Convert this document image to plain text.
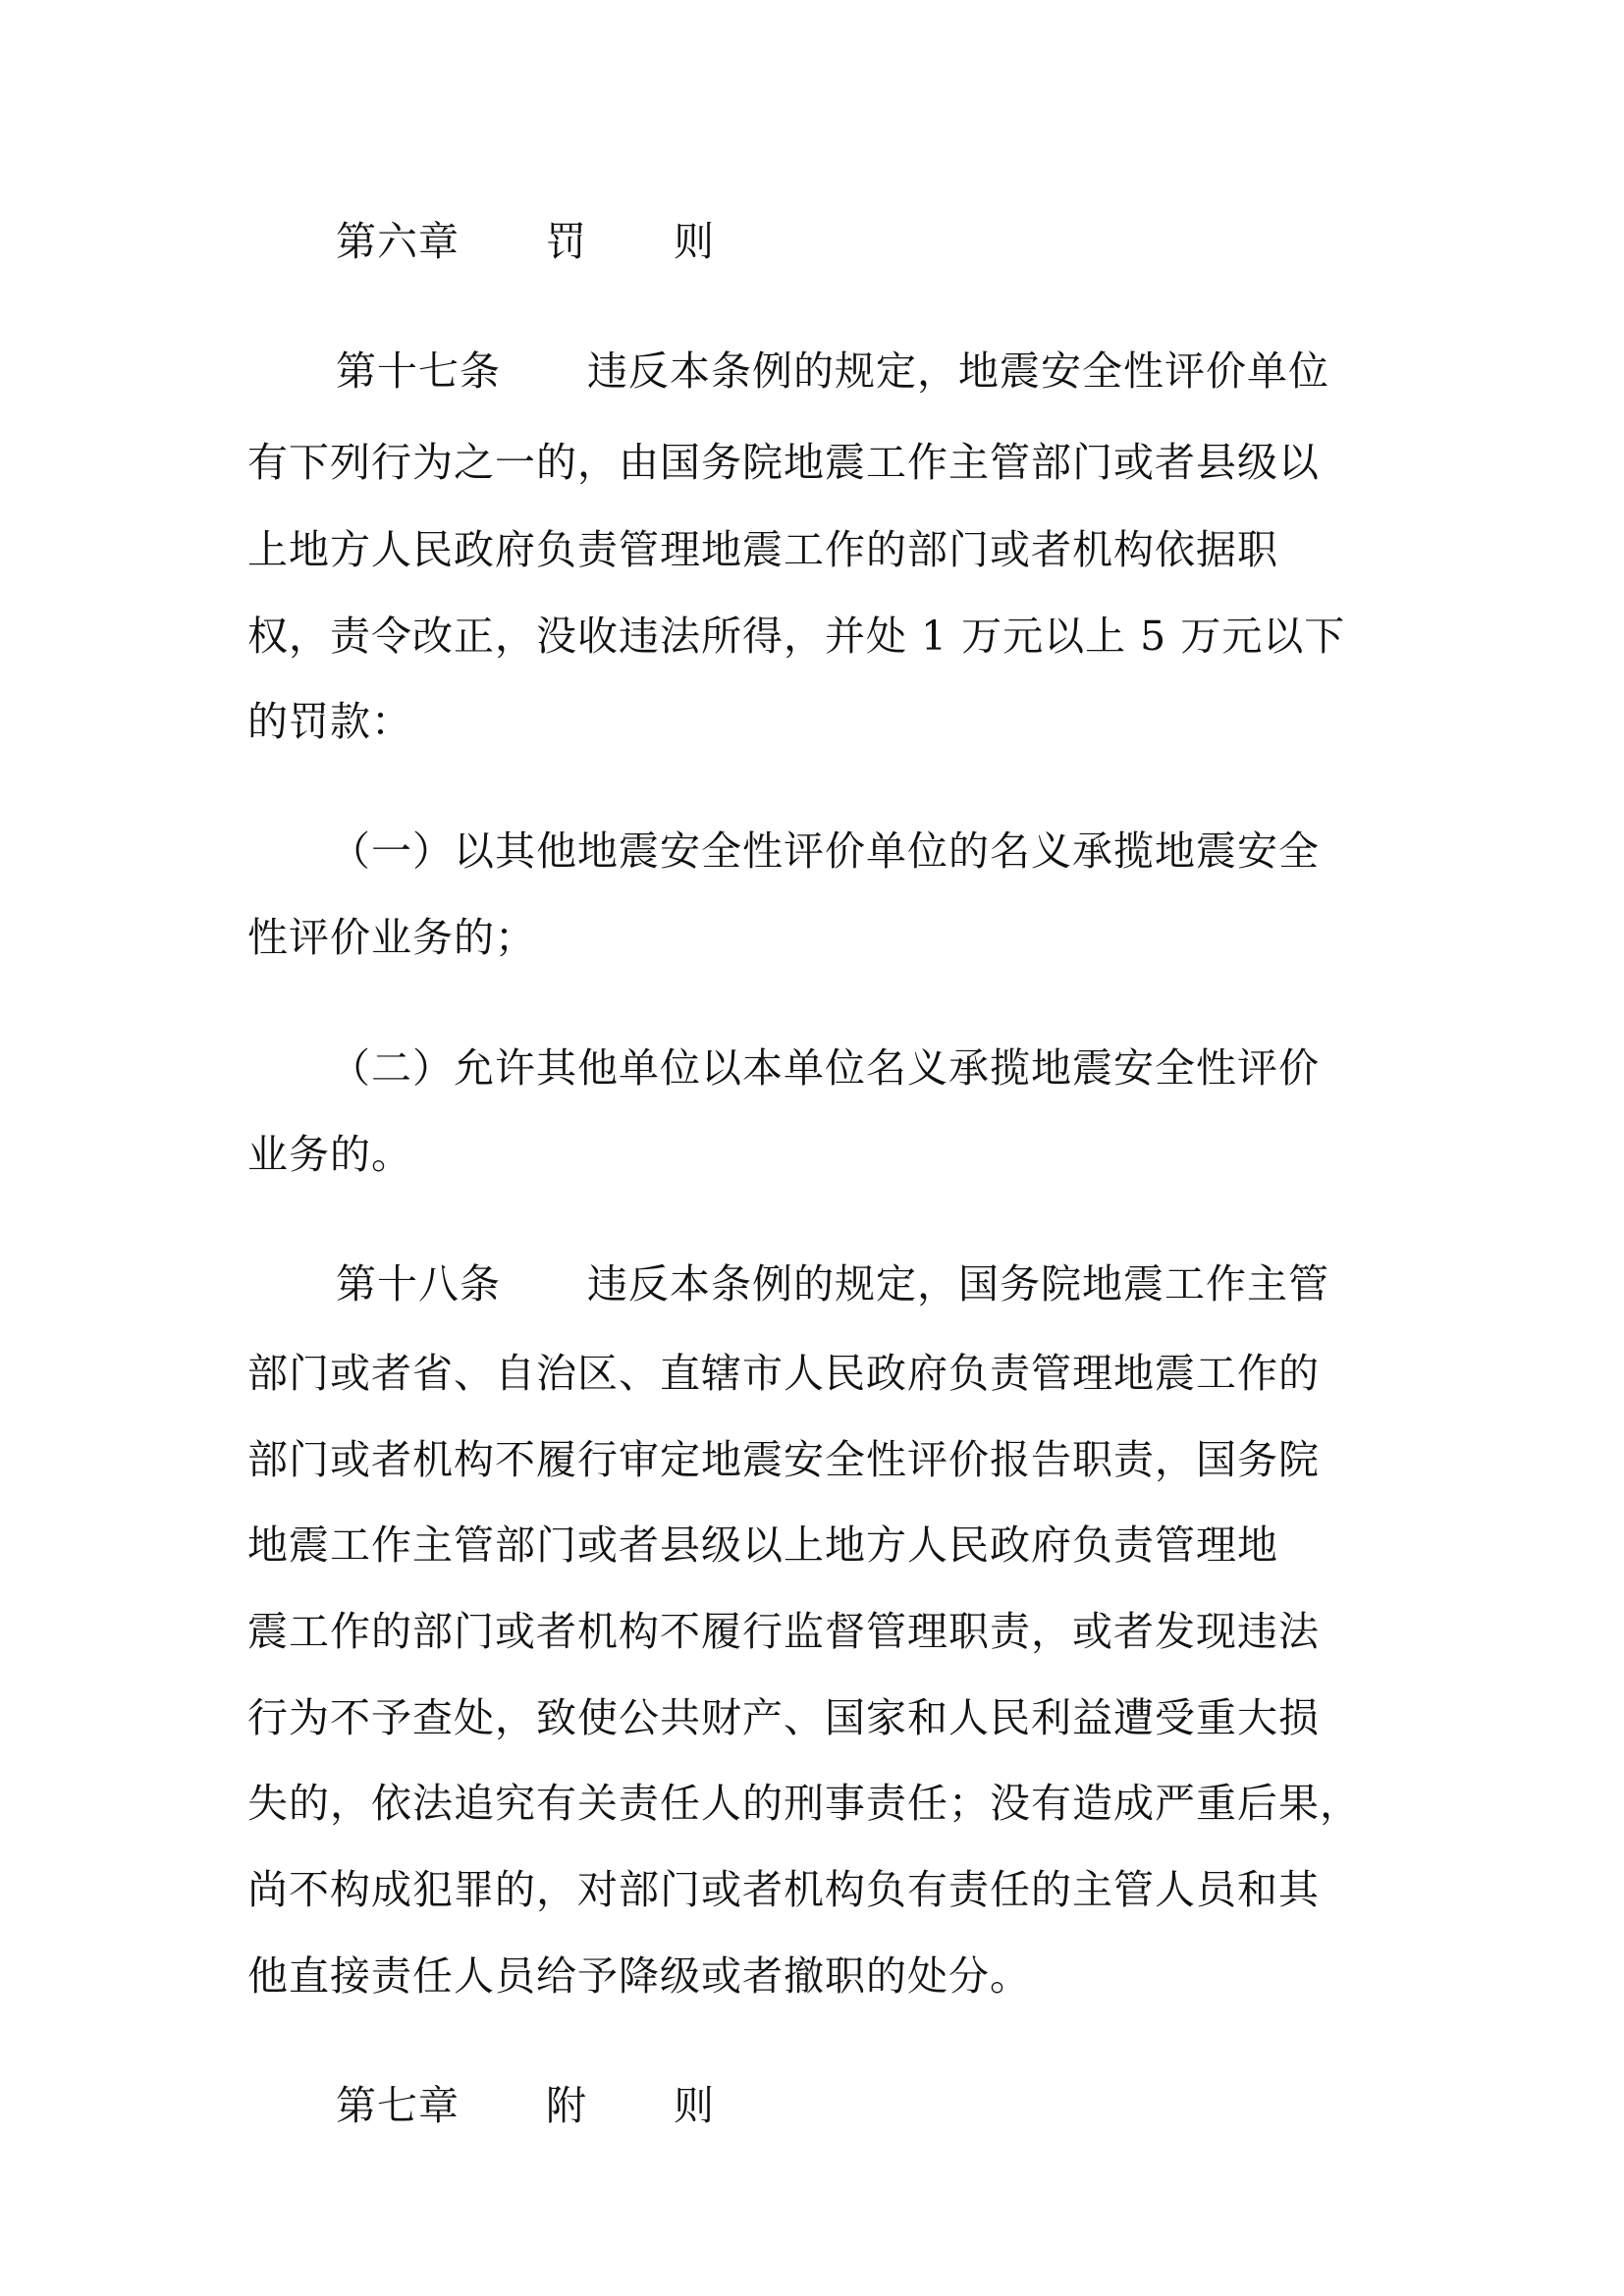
第六章 罚 则
第十七条 违反本条例的规定，地震安全性评价单位
有下列行为之一的，由国务院地震工作主管部门或者县级以
上地方人民政府负责管理地震工作的部门或者机构依据职
权，责令改正，没收违法所得，并处 1 万元以上 5 万元以下
的罚款：
（一）以其他地震安全性评价单位的名义承揽地震安全
性评价业务的；
（二）允许其他单位以本单位名义承揽地震安全性评价
业务的。
第十八条 违反本条例的规定，国务院地震工作主管
部门或者省、自治区、直辖市人民政府负责管理地震工作的
部门或者机构不履行审定地震安全性评价报告职责，国务院
地震工作主管部门或者县级以上地方人民政府负责管理地
震工作的部门或者机构不履行监督管理职责，或者发现违法
行为不予查处，致使公共财产、国家和人民利益遭受重大损
失的，依法追究有关责任人的刑事责任；没有造成严重后果，
尚不构成犯罪的，对部门或者机构负有责任的主管人员和其
他直接责任人员给予降级或者撤职的处分。
第七章 附 则
